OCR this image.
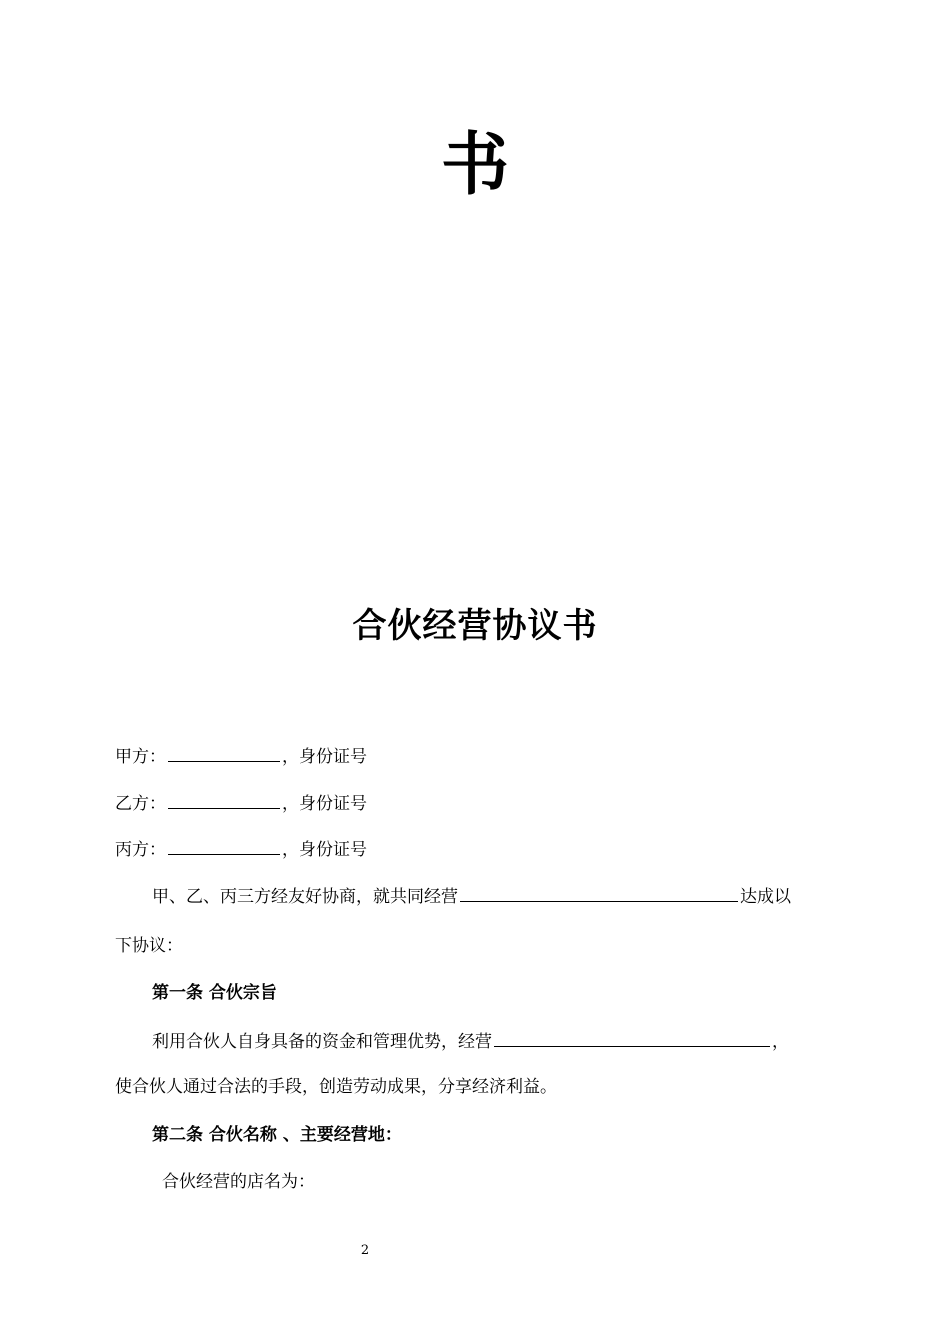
书
合伙经营协议书
甲方：	，身份证号
乙方：	，身份证号
丙方：	，身份证号
甲、乙、丙三方经友好协商，就共同经营	达成以
下协议：
第一条 合伙宗旨
利用合伙人自身具备的资金和管理优势，经营	，
使合伙人通过合法的手段，创造劳动成果，分享经济利益。
第二条 合伙名称 、主要经营地：
合伙经营的店名为：
2
